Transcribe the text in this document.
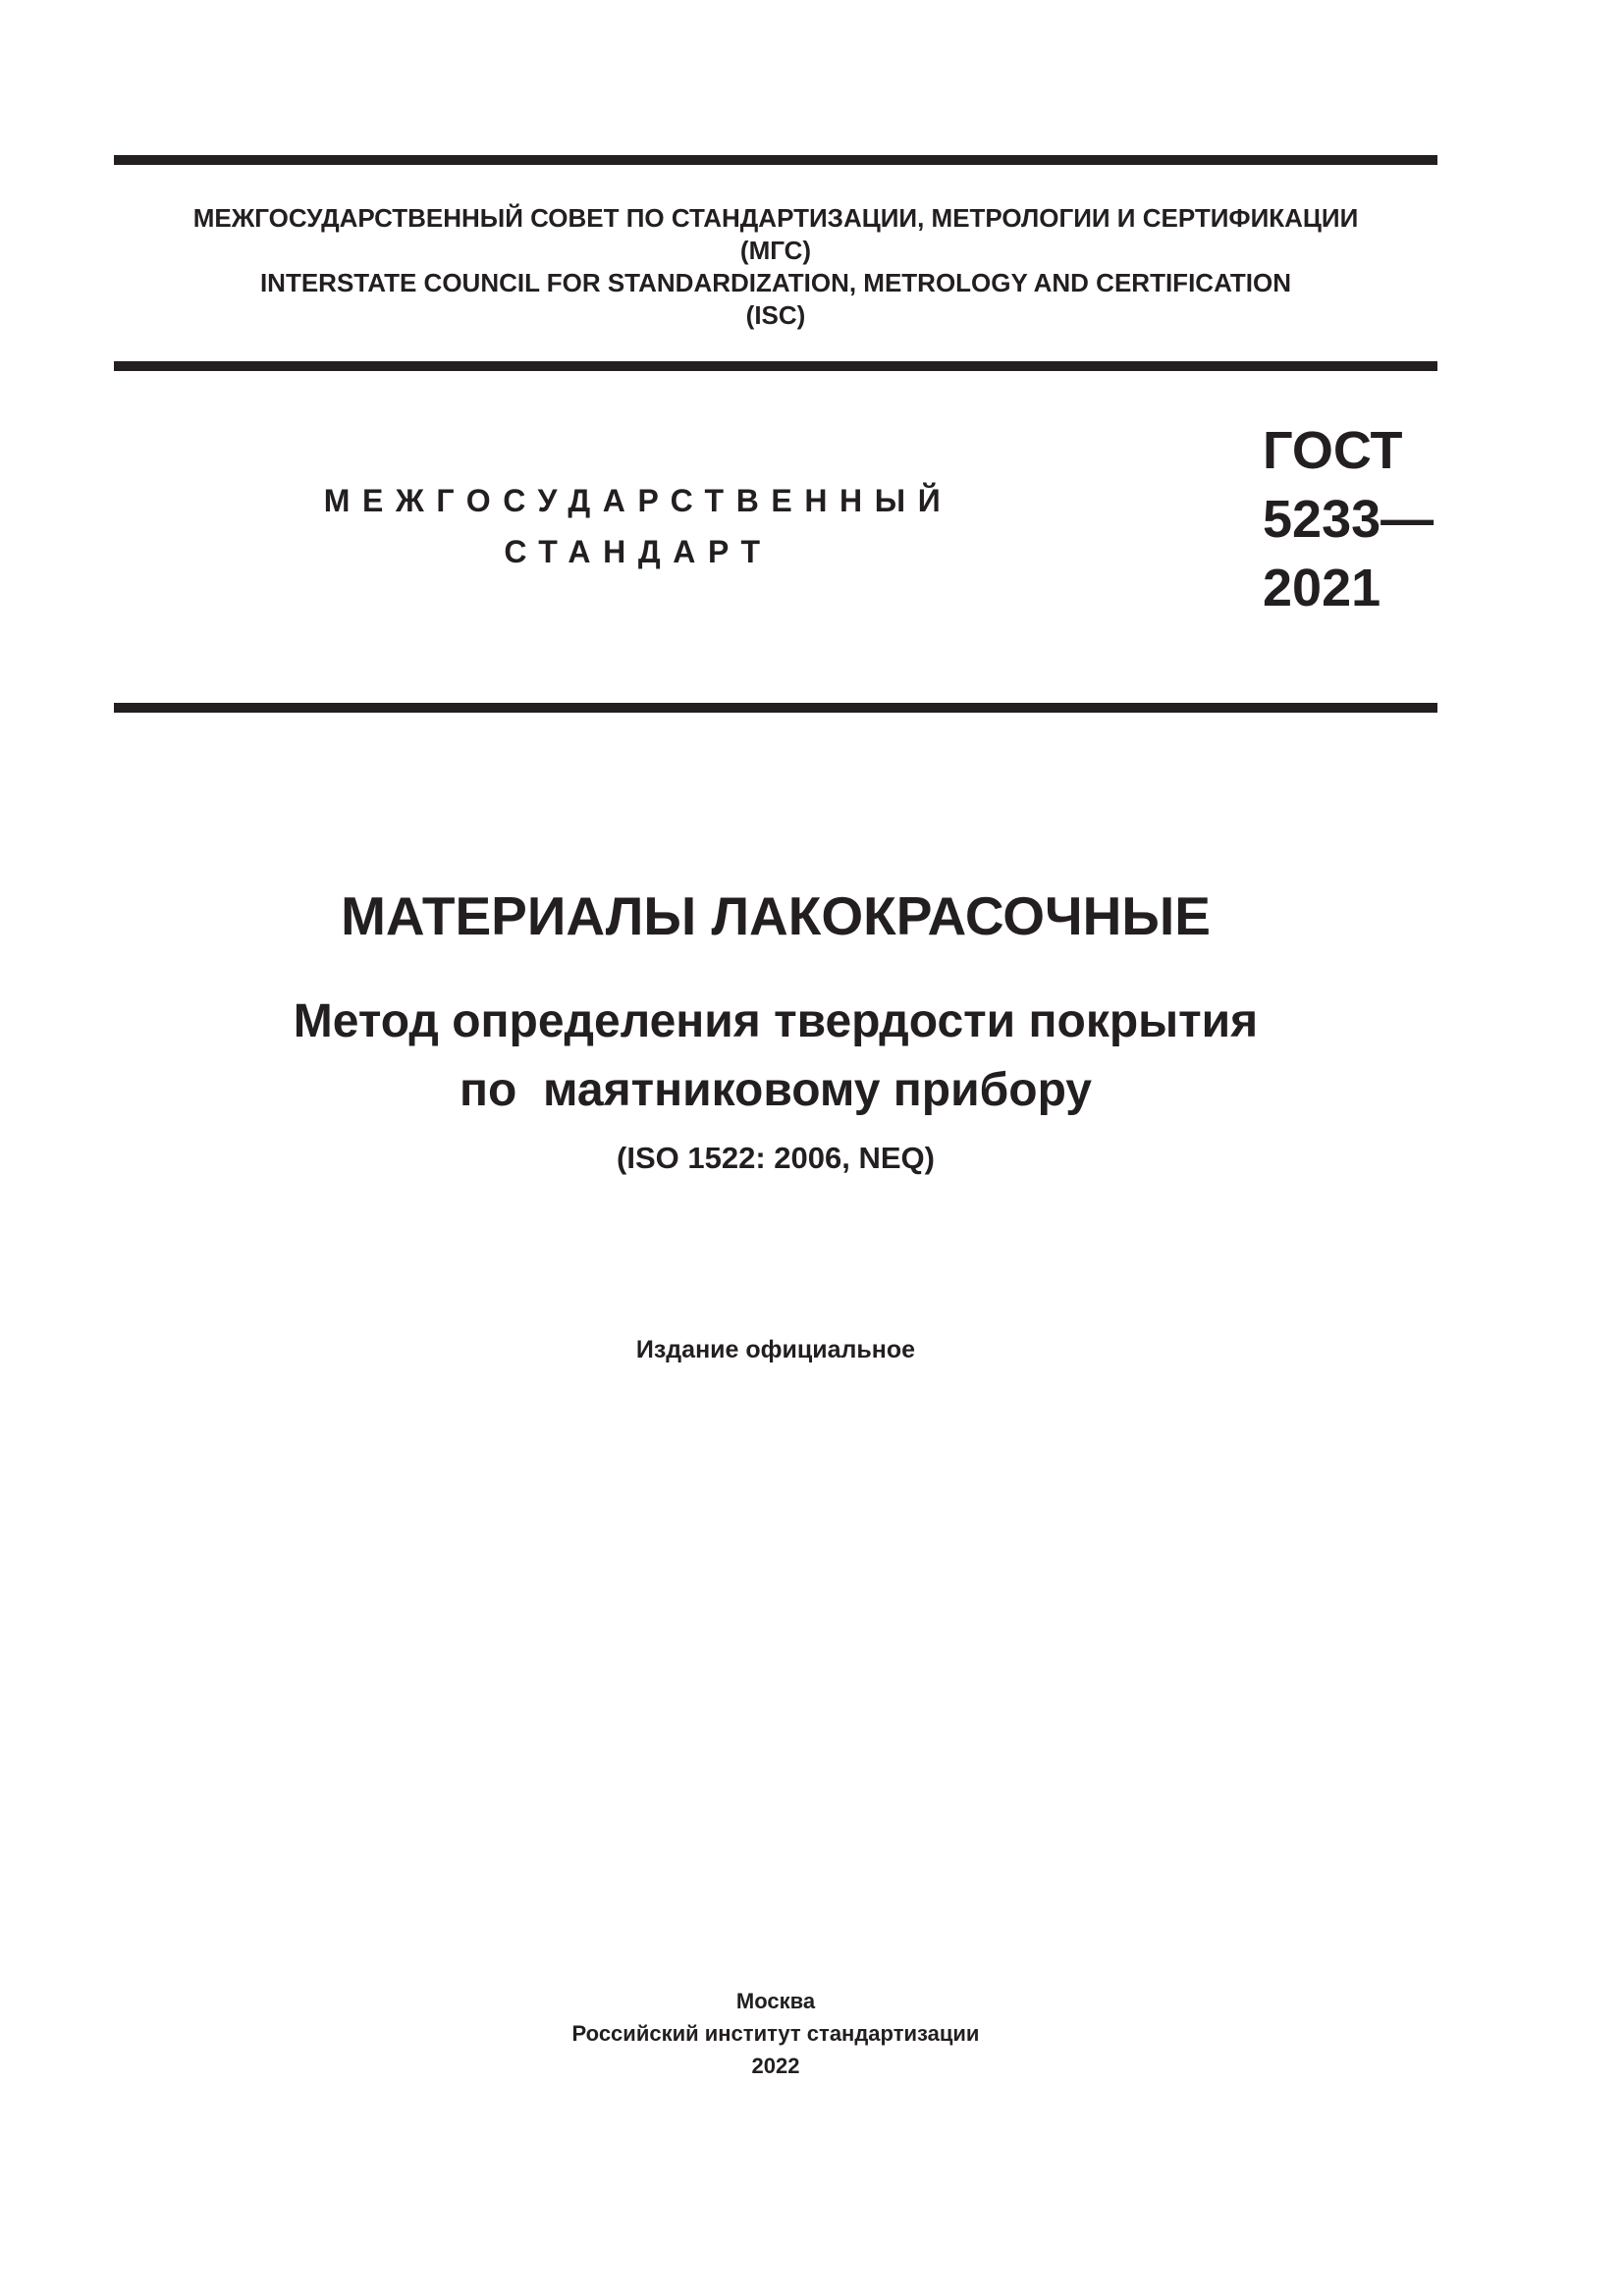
МЕЖГОСУДАРСТВЕННЫЙ СОВЕТ ПО СТАНДАРТИЗАЦИИ, МЕТРОЛОГИИ И СЕРТИФИКАЦИИ
(МГС)
INTERSTATE COUNCIL FOR STANDARDIZATION, METROLOGY AND CERTIFICATION
(ISC)
МЕЖГОСУДАРСТВЕННЫЙ
СТАНДАРТ
ГОСТ
5233—
2021
МАТЕРИАЛЫ ЛАКОКРАСОЧНЫЕ
Метод определения твердости покрытия
по  маятниковому прибору
(ISO 1522: 2006, NEQ)
Издание официальное
Москва
Российский институт стандартизации
2022
